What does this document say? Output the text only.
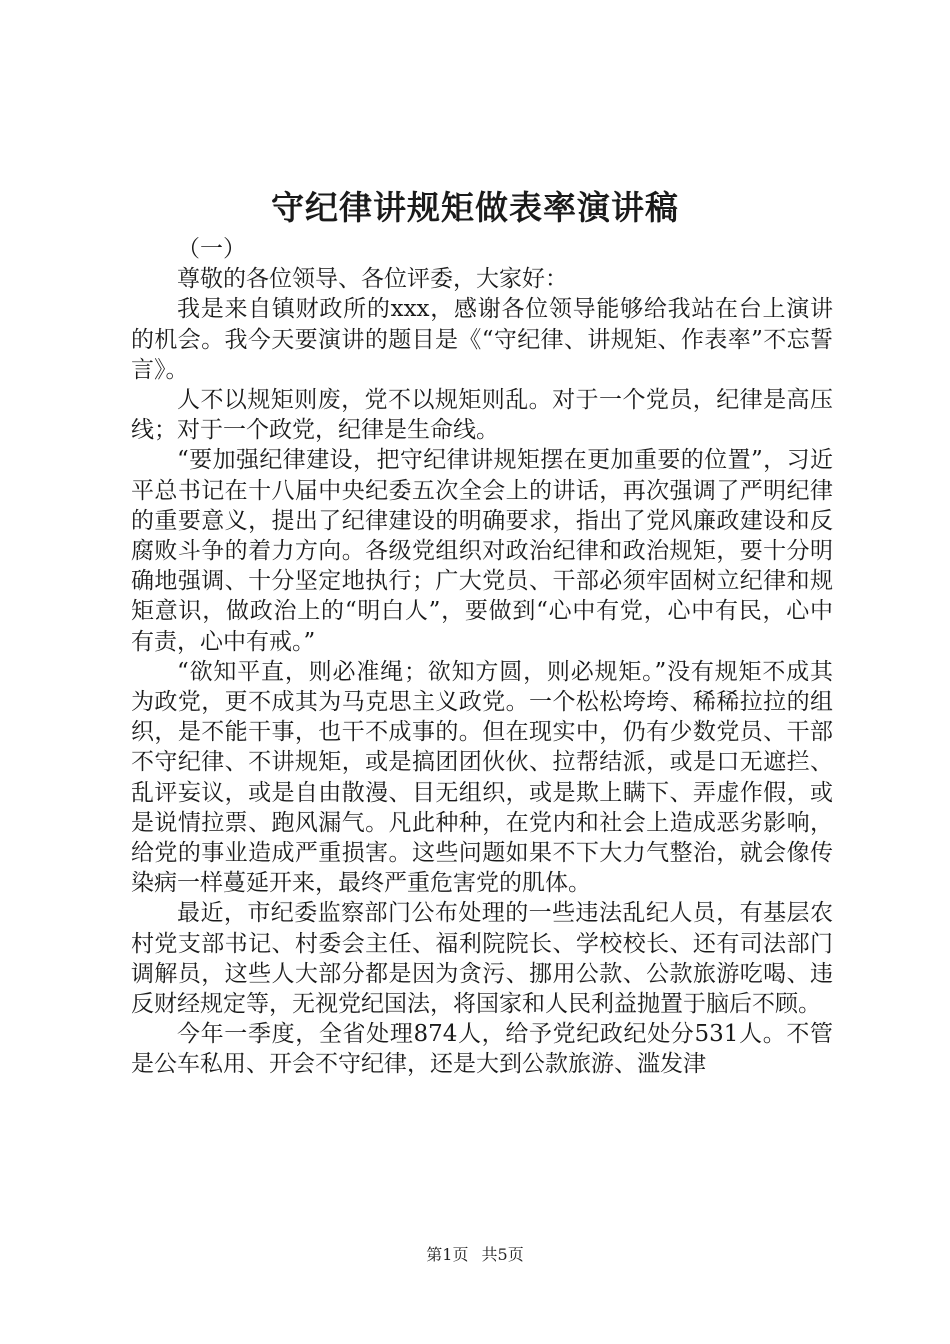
守纪律讲规矩做表率演讲稿

（一）

尊敬的各位领导、各位评委，大家好：

我是来自镇财政所的xxx，感谢各位领导能够给我站在台上演讲的机会。我今天要演讲的题目是《“守纪律、讲规矩、作表率”不忘誓言》。

人不以规矩则废，党不以规矩则乱。对于一个党员，纪律是高压线；对于一个政党，纪律是生命线。

“要加强纪律建设，把守纪律讲规矩摆在更加重要的位置”，习近平总书记在十八届中央纪委五次全会上的讲话，再次强调了严明纪律的重要意义，提出了纪律建设的明确要求，指出了党风廉政建设和反腐败斗争的着力方向。各级党组织对政治纪律和政治规矩，要十分明确地强调、十分坚定地执行；广大党员、干部必须牢固树立纪律和规矩意识，做政治上的“明白人”，要做到“心中有党，心中有民，心中有责，心中有戒。”

“欲知平直，则必准绳；欲知方圆，则必规矩。”没有规矩不成其为政党，更不成其为马克思主义政党。一个松松垮垮、稀稀拉拉的组织，是不能干事，也干不成事的。但在现实中，仍有少数党员、干部不守纪律、不讲规矩，或是搞团团伙伙、拉帮结派，或是口无遮拦、乱评妄议，或是自由散漫、目无组织，或是欺上瞒下、弄虚作假，或是说情拉票、跑风漏气。凡此种种，在党内和社会上造成恶劣影响，给党的事业造成严重损害。这些问题如果不下大力气整治，就会像传染病一样蔓延开来，最终严重危害党的肌体。

最近，市纪委监察部门公布处理的一些违法乱纪人员，有基层农村党支部书记、村委会主任、福利院院长、学校校长、还有司法部门调解员，这些人大部分都是因为贪污、挪用公款、公款旅游吃喝、违反财经规定等，无视党纪国法，将国家和人民利益抛置于脑后不顾。

今年一季度，全省处理874人，给予党纪政纪处分531人。不管是公车私用、开会不守纪律，还是大到公款旅游、滥发津

第1页 共5页
